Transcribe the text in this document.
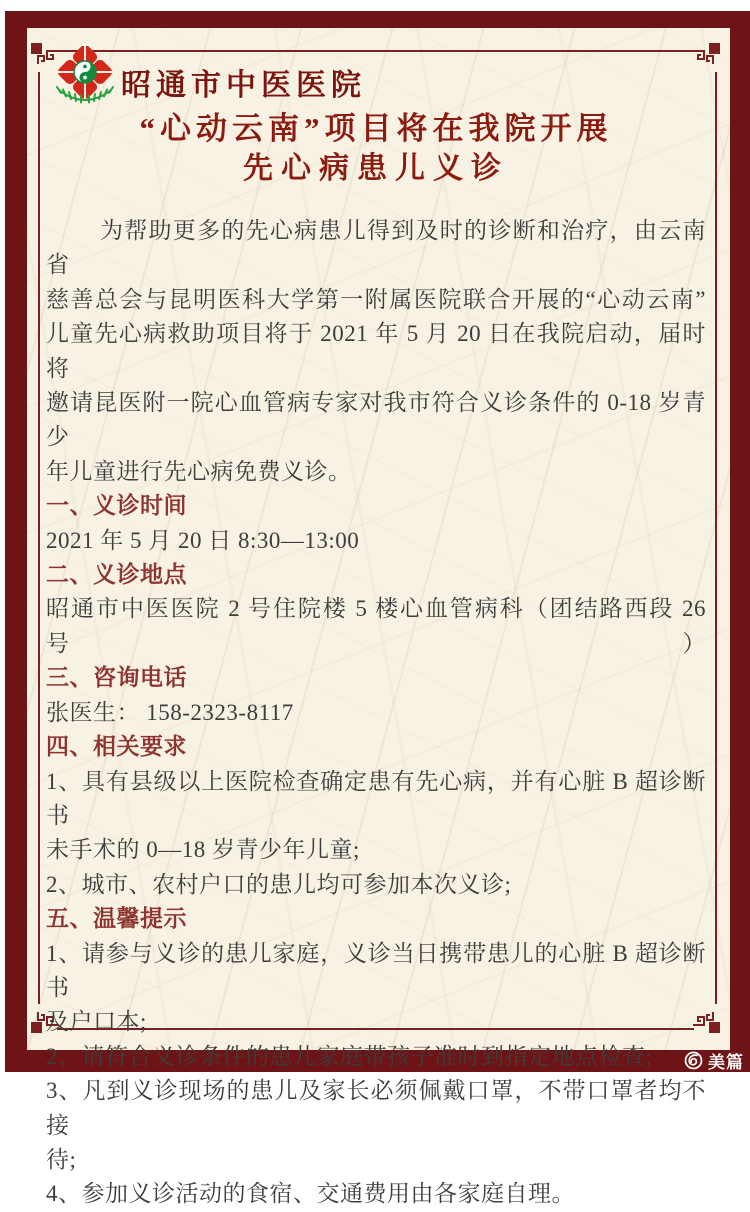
昭通市中医医院
“心动云南”项目将在我院开展
先心病患儿义诊
为帮助更多的先心病患儿得到及时的诊断和治疗，由云南省
慈善总会与昆明医科大学第一附属医院联合开展的“心动云南”
儿童先心病救助项目将于 2021 年 5 月 20 日在我院启动，届时将
邀请昆医附一院心血管病专家对我市符合义诊条件的 0-18 岁青少
年儿童进行先心病免费义诊。
一、义诊时间
2021 年 5 月 20 日 8:30—13:00
二、义诊地点
昭通市中医医院 2 号住院楼 5 楼心血管病科（团结路西段 26 号）
三、咨询电话
张医生： 158-2323-8117
四、相关要求
1、具有县级以上医院检查确定患有先心病，并有心脏 B 超诊断书
未手术的 0—18 岁青少年儿童;
2、城市、农村户口的患儿均可参加本次义诊;
五、温馨提示
1、请参与义诊的患儿家庭，义诊当日携带患儿的心脏 B 超诊断书
及户口本;
2、请符合义诊条件的患儿家庭带孩子准时到指定地点检查;
3、凡到义诊现场的患儿及家长必须佩戴口罩，不带口罩者均不接
待;
4、参加义诊活动的食宿、交通费用由各家庭自理。
美篇
